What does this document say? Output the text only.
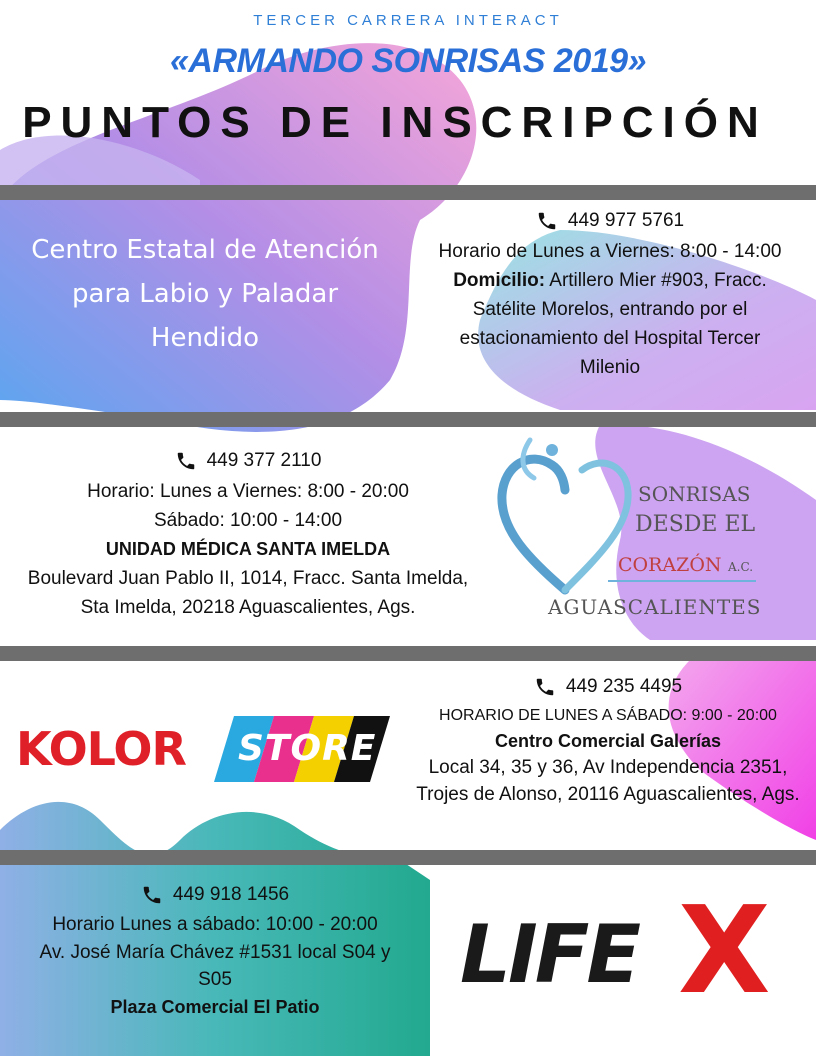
TERCER CARRERA INTERACT
«ARMANDO SONRISAS 2019»
PUNTOS DE INSCRIPCIÓN
Centro Estatal de Atención
para Labio y Paladar
Hendido
449 977 5761
Horario de Lunes a Viernes: 8:00 - 14:00
Domicilio: Artillero Mier #903, Fracc.
Satélite Morelos, entrando por el
estacionamiento del Hospital Tercer
Milenio
449 377 2110
Horario: Lunes a Viernes: 8:00 - 20:00
Sábado: 10:00 - 14:00
UNIDAD MÉDICA SANTA IMELDA
Boulevard Juan Pablo II, 1014, Fracc. Santa Imelda,
Sta Imelda, 20218 Aguascalientes, Ags.
SONRISAS
DESDE EL
CORAZÓN A.C.
AGUASCALIENTES
KOLOR STORE
449 235 4495
HORARIO DE LUNES A SÁBADO: 9:00 - 20:00
Centro Comercial Galerías
Local 34, 35 y 36, Av Independencia 2351,
Trojes de Alonso, 20116 Aguascalientes, Ags.
449 918 1456
Horario Lunes a sábado: 10:00 - 20:00
Av. José María Chávez #1531 local S04 y
S05
Plaza Comercial El Patio
LIFE X
